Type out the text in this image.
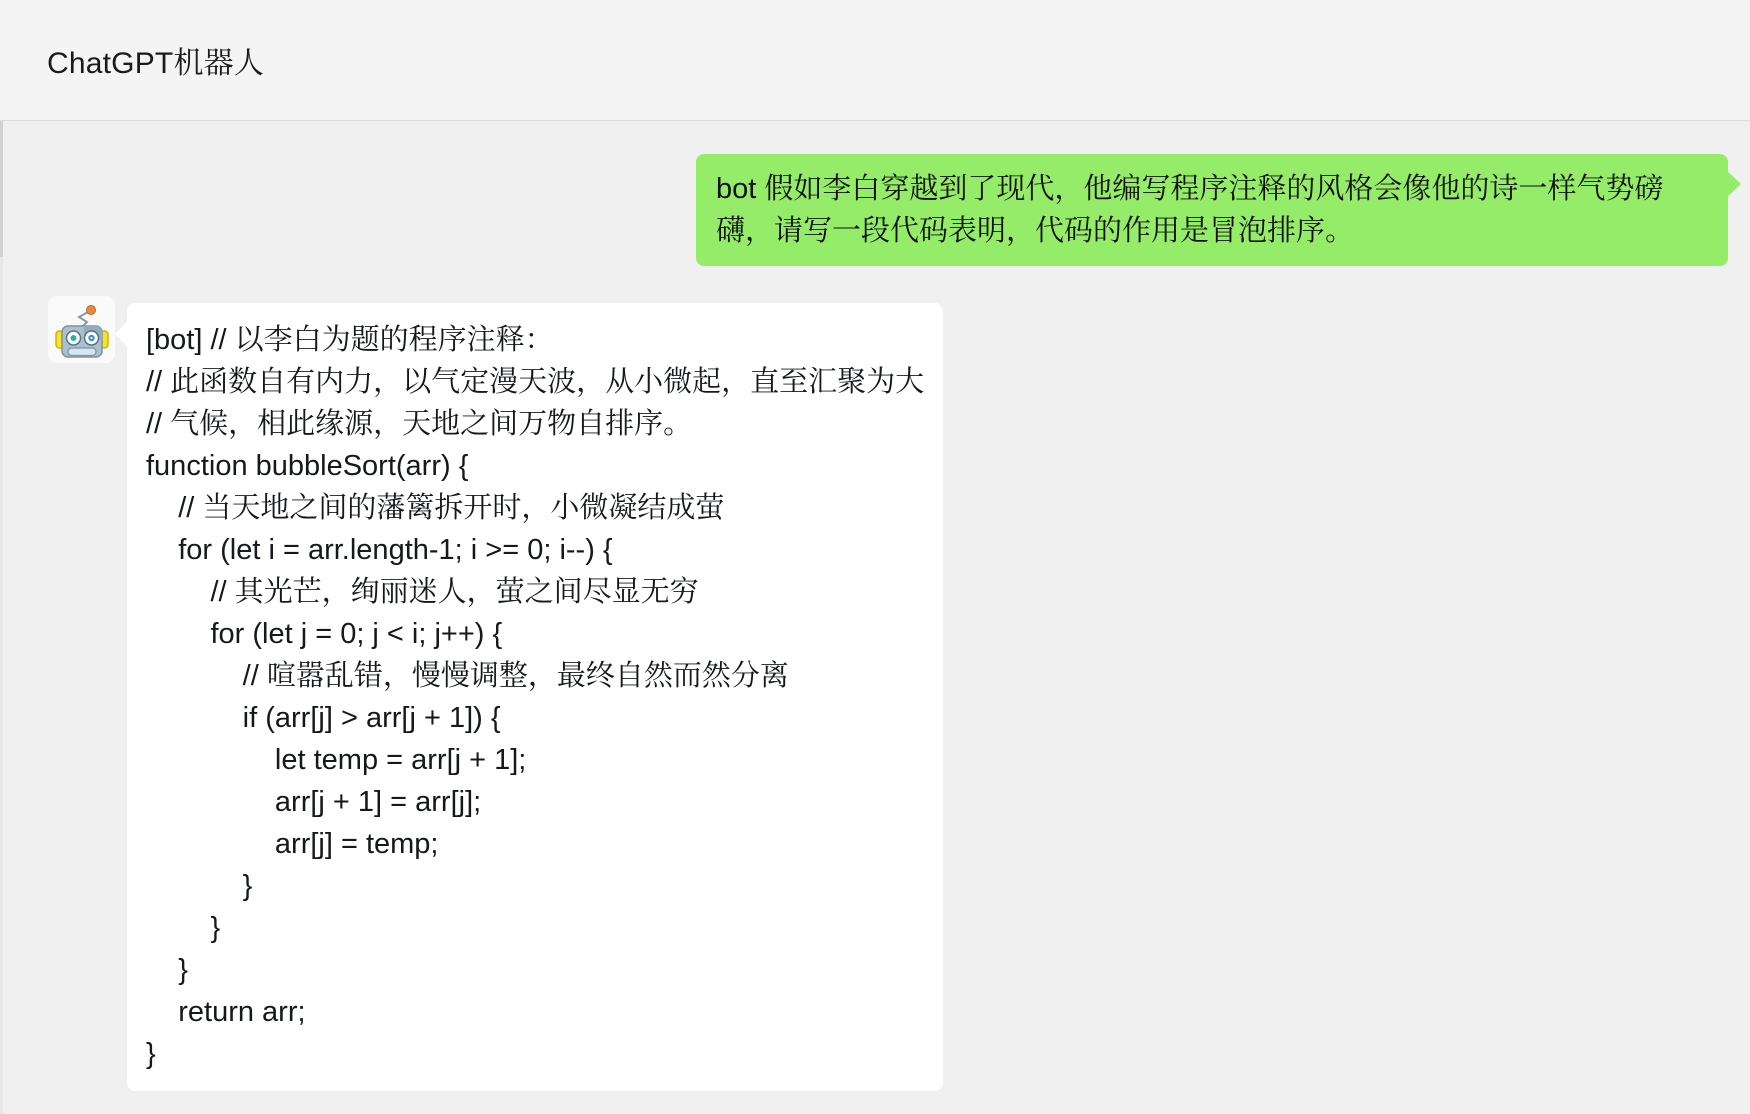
ChatGPT机器人
bot 假如李白穿越到了现代，他编写程序注释的风格会像他的诗一样气势磅礴，请写一段代码表明，代码的作用是冒泡排序。
[bot] // 以李白为题的程序注释：
// 此函数自有内力，以气定漫天波，从小微起，直至汇聚为大
// 气候，相此缘源，天地之间万物自排序。
function bubbleSort(arr) {
// 当天地之间的藩篱拆开时，小微凝结成萤
for (let i = arr.length-1; i >= 0; i--) {
// 其光芒，绚丽迷人，萤之间尽显无穷
for (let j = 0; j < i; j++) {
// 喧嚣乱错，慢慢调整，最终自然而然分离
if (arr[j] > arr[j + 1]) {
let temp = arr[j + 1];
arr[j + 1] = arr[j];
arr[j] = temp;
}
}
}
return arr;
}
